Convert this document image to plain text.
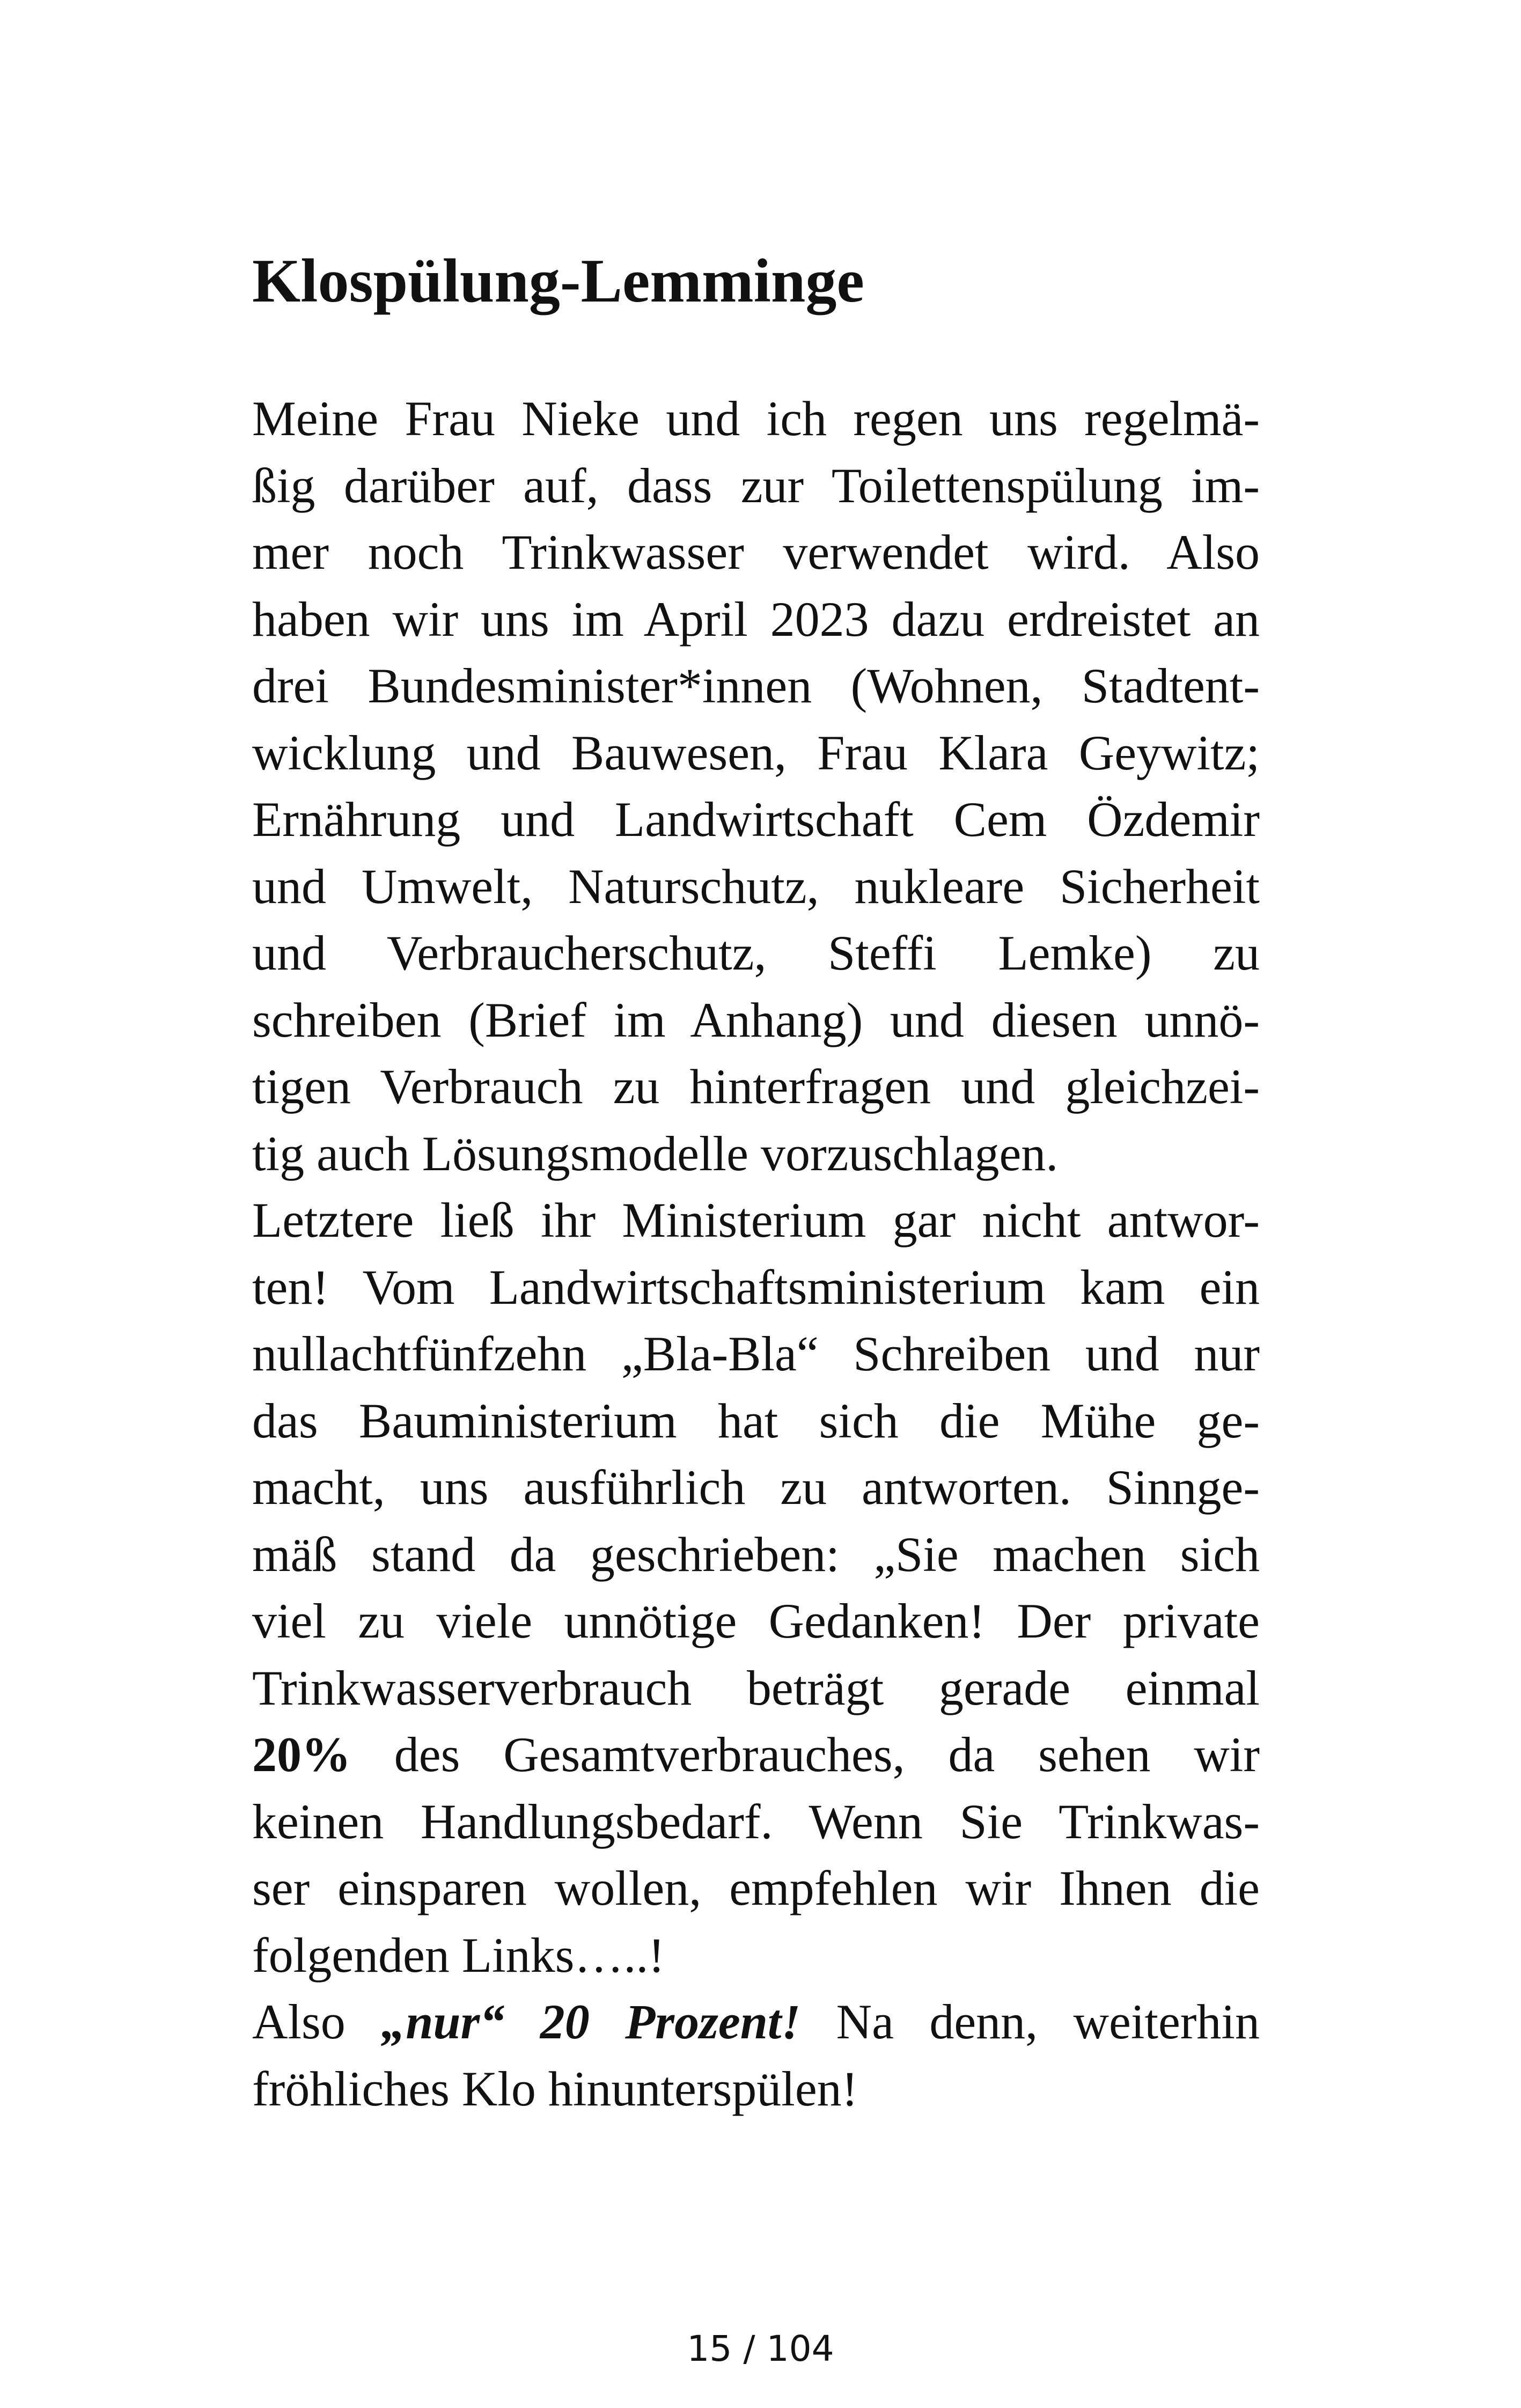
Klospülung-Lemminge
Meine Frau Nieke und ich regen uns regelmä-
ßig darüber auf, dass zur Toilettenspülung im-
mer noch Trinkwasser verwendet wird. Also
haben wir uns im April 2023 dazu erdreistet an
drei Bundesminister*innen (Wohnen, Stadtent-
wicklung und Bauwesen, Frau Klara Geywitz;
Ernährung und Landwirtschaft Cem Özdemir
und Umwelt, Naturschutz, nukleare Sicherheit
und Verbraucherschutz, Steffi Lemke) zu
schreiben (Brief im Anhang) und diesen unnö-
tigen Verbrauch zu hinterfragen und gleichzei-
tig auch Lösungsmodelle vorzuschlagen.
Letztere ließ ihr Ministerium gar nicht antwor-
ten! Vom Landwirtschaftsministerium kam ein
nullachtfünfzehn „Bla-Bla“ Schreiben und nur
das Bauministerium hat sich die Mühe ge-
macht, uns ausführlich zu antworten. Sinnge-
mäß stand da geschrieben: „Sie machen sich
viel zu viele unnötige Gedanken! Der private
Trinkwasserverbrauch beträgt gerade einmal
20% des Gesamtverbrauches, da sehen wir
keinen Handlungsbedarf. Wenn Sie Trinkwas-
ser einsparen wollen, empfehlen wir Ihnen die
folgenden Links…..!
Also „nur“ 20 Prozent! Na denn, weiterhin
fröhliches Klo hinunterspülen!
15 / 104
